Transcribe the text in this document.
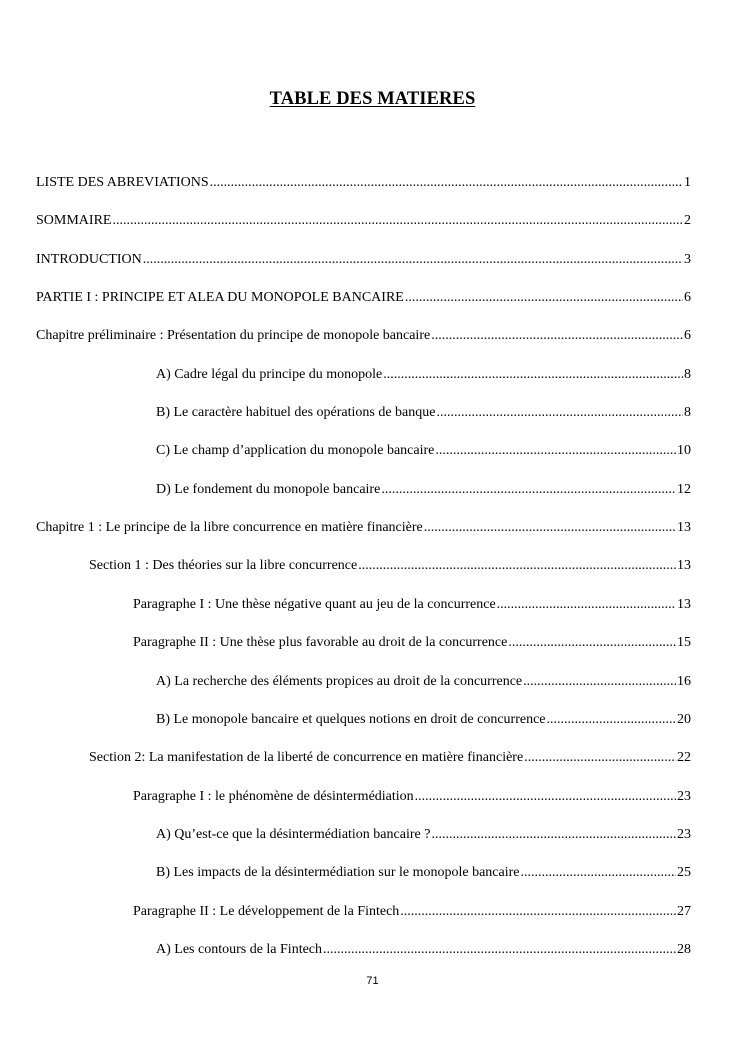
TABLE DES MATIERES
LISTE DES ABREVIATIONS .....	1
SOMMAIRE .....	2
INTRODUCTION .....	3
PARTIE I : PRINCIPE ET ALEA DU MONOPOLE BANCAIRE .....	6
Chapitre préliminaire : Présentation du principe de monopole bancaire .....	6
A) Cadre légal du principe du monopole .....	8
B) Le caractère habituel des opérations de banque .....	8
C) Le champ d’application du monopole bancaire .....	10
D) Le fondement du monopole bancaire .....	12
Chapitre 1 : Le principe de la libre concurrence en matière financière .....	13
Section 1 : Des théories sur la libre concurrence .....	13
Paragraphe I : Une thèse négative quant au jeu de la concurrence .....	13
Paragraphe II : Une thèse plus favorable au droit de la concurrence .....	15
A) La recherche des éléments propices au droit de la concurrence .....	16
B) Le monopole bancaire et quelques notions en droit de concurrence .....	20
Section 2: La manifestation de la liberté de concurrence en matière financière .....	22
Paragraphe I : le phénomène de désintermédiation .....	23
A) Qu’est-ce que la désintermédiation bancaire ? .....	23
B) Les impacts de la désintermédiation sur le monopole bancaire .....	25
Paragraphe II : Le développement de la Fintech .....	27
A) Les contours de la Fintech .....	28
71
